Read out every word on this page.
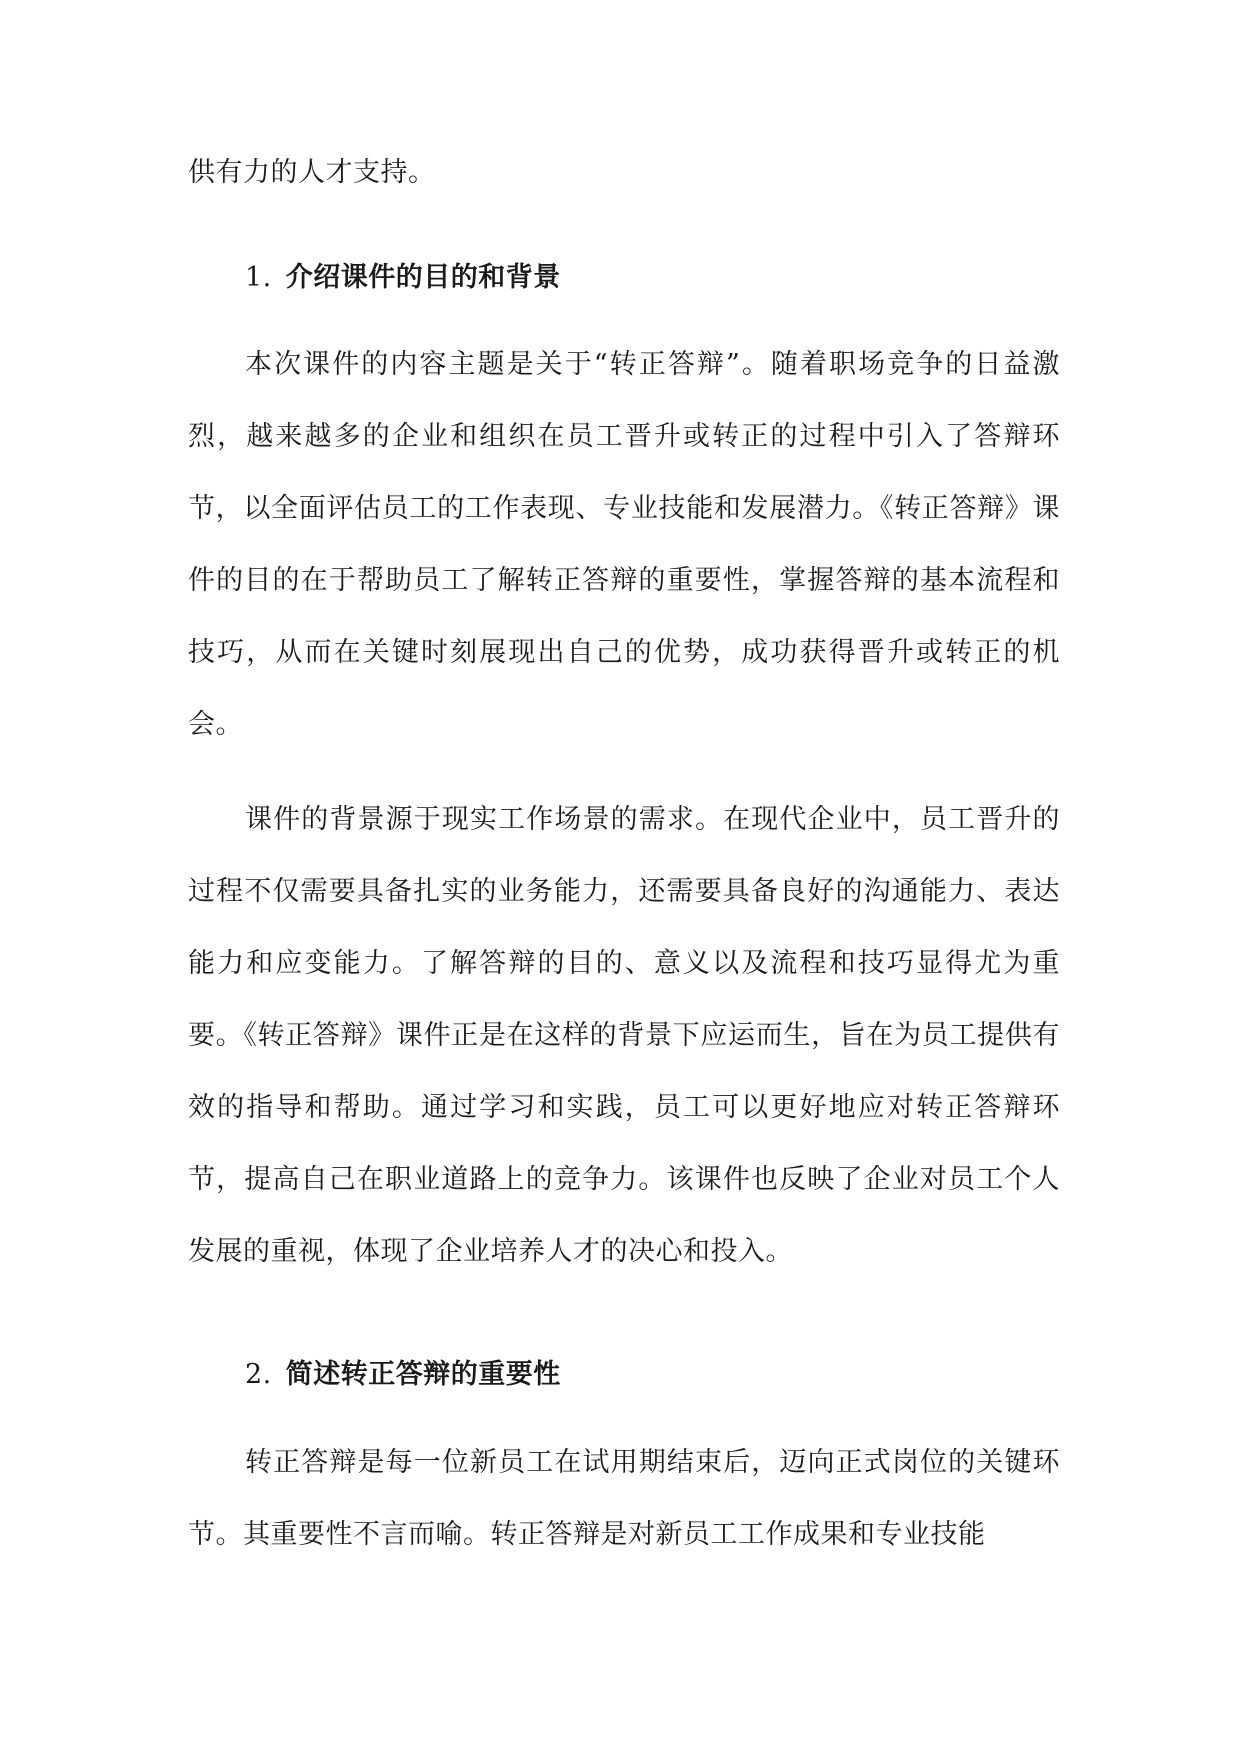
供有力的人才支持。

1. 介绍课件的目的和背景

本次课件的内容主题是关于“转正答辩”。随着职场竞争的日益激烈，越来越多的企业和组织在员工晋升或转正的过程中引入了答辩环节，以全面评估员工的工作表现、专业技能和发展潜力。《转正答辩》课件的目的在于帮助员工了解转正答辩的重要性，掌握答辩的基本流程和技巧，从而在关键时刻展现出自己的优势，成功获得晋升或转正的机会。

课件的背景源于现实工作场景的需求。在现代企业中，员工晋升的过程不仅需要具备扎实的业务能力，还需要具备良好的沟通能力、表达能力和应变能力。了解答辩的目的、意义以及流程和技巧显得尤为重要。《转正答辩》课件正是在这样的背景下应运而生，旨在为员工提供有效的指导和帮助。通过学习和实践，员工可以更好地应对转正答辩环节，提高自己在职业道路上的竞争力。该课件也反映了企业对员工个人发展的重视，体现了企业培养人才的决心和投入。

2. 简述转正答辩的重要性

转正答辩是每一位新员工在试用期结束后，迈向正式岗位的关键环节。其重要性不言而喻。转正答辩是对新员工工作成果和专业技能
